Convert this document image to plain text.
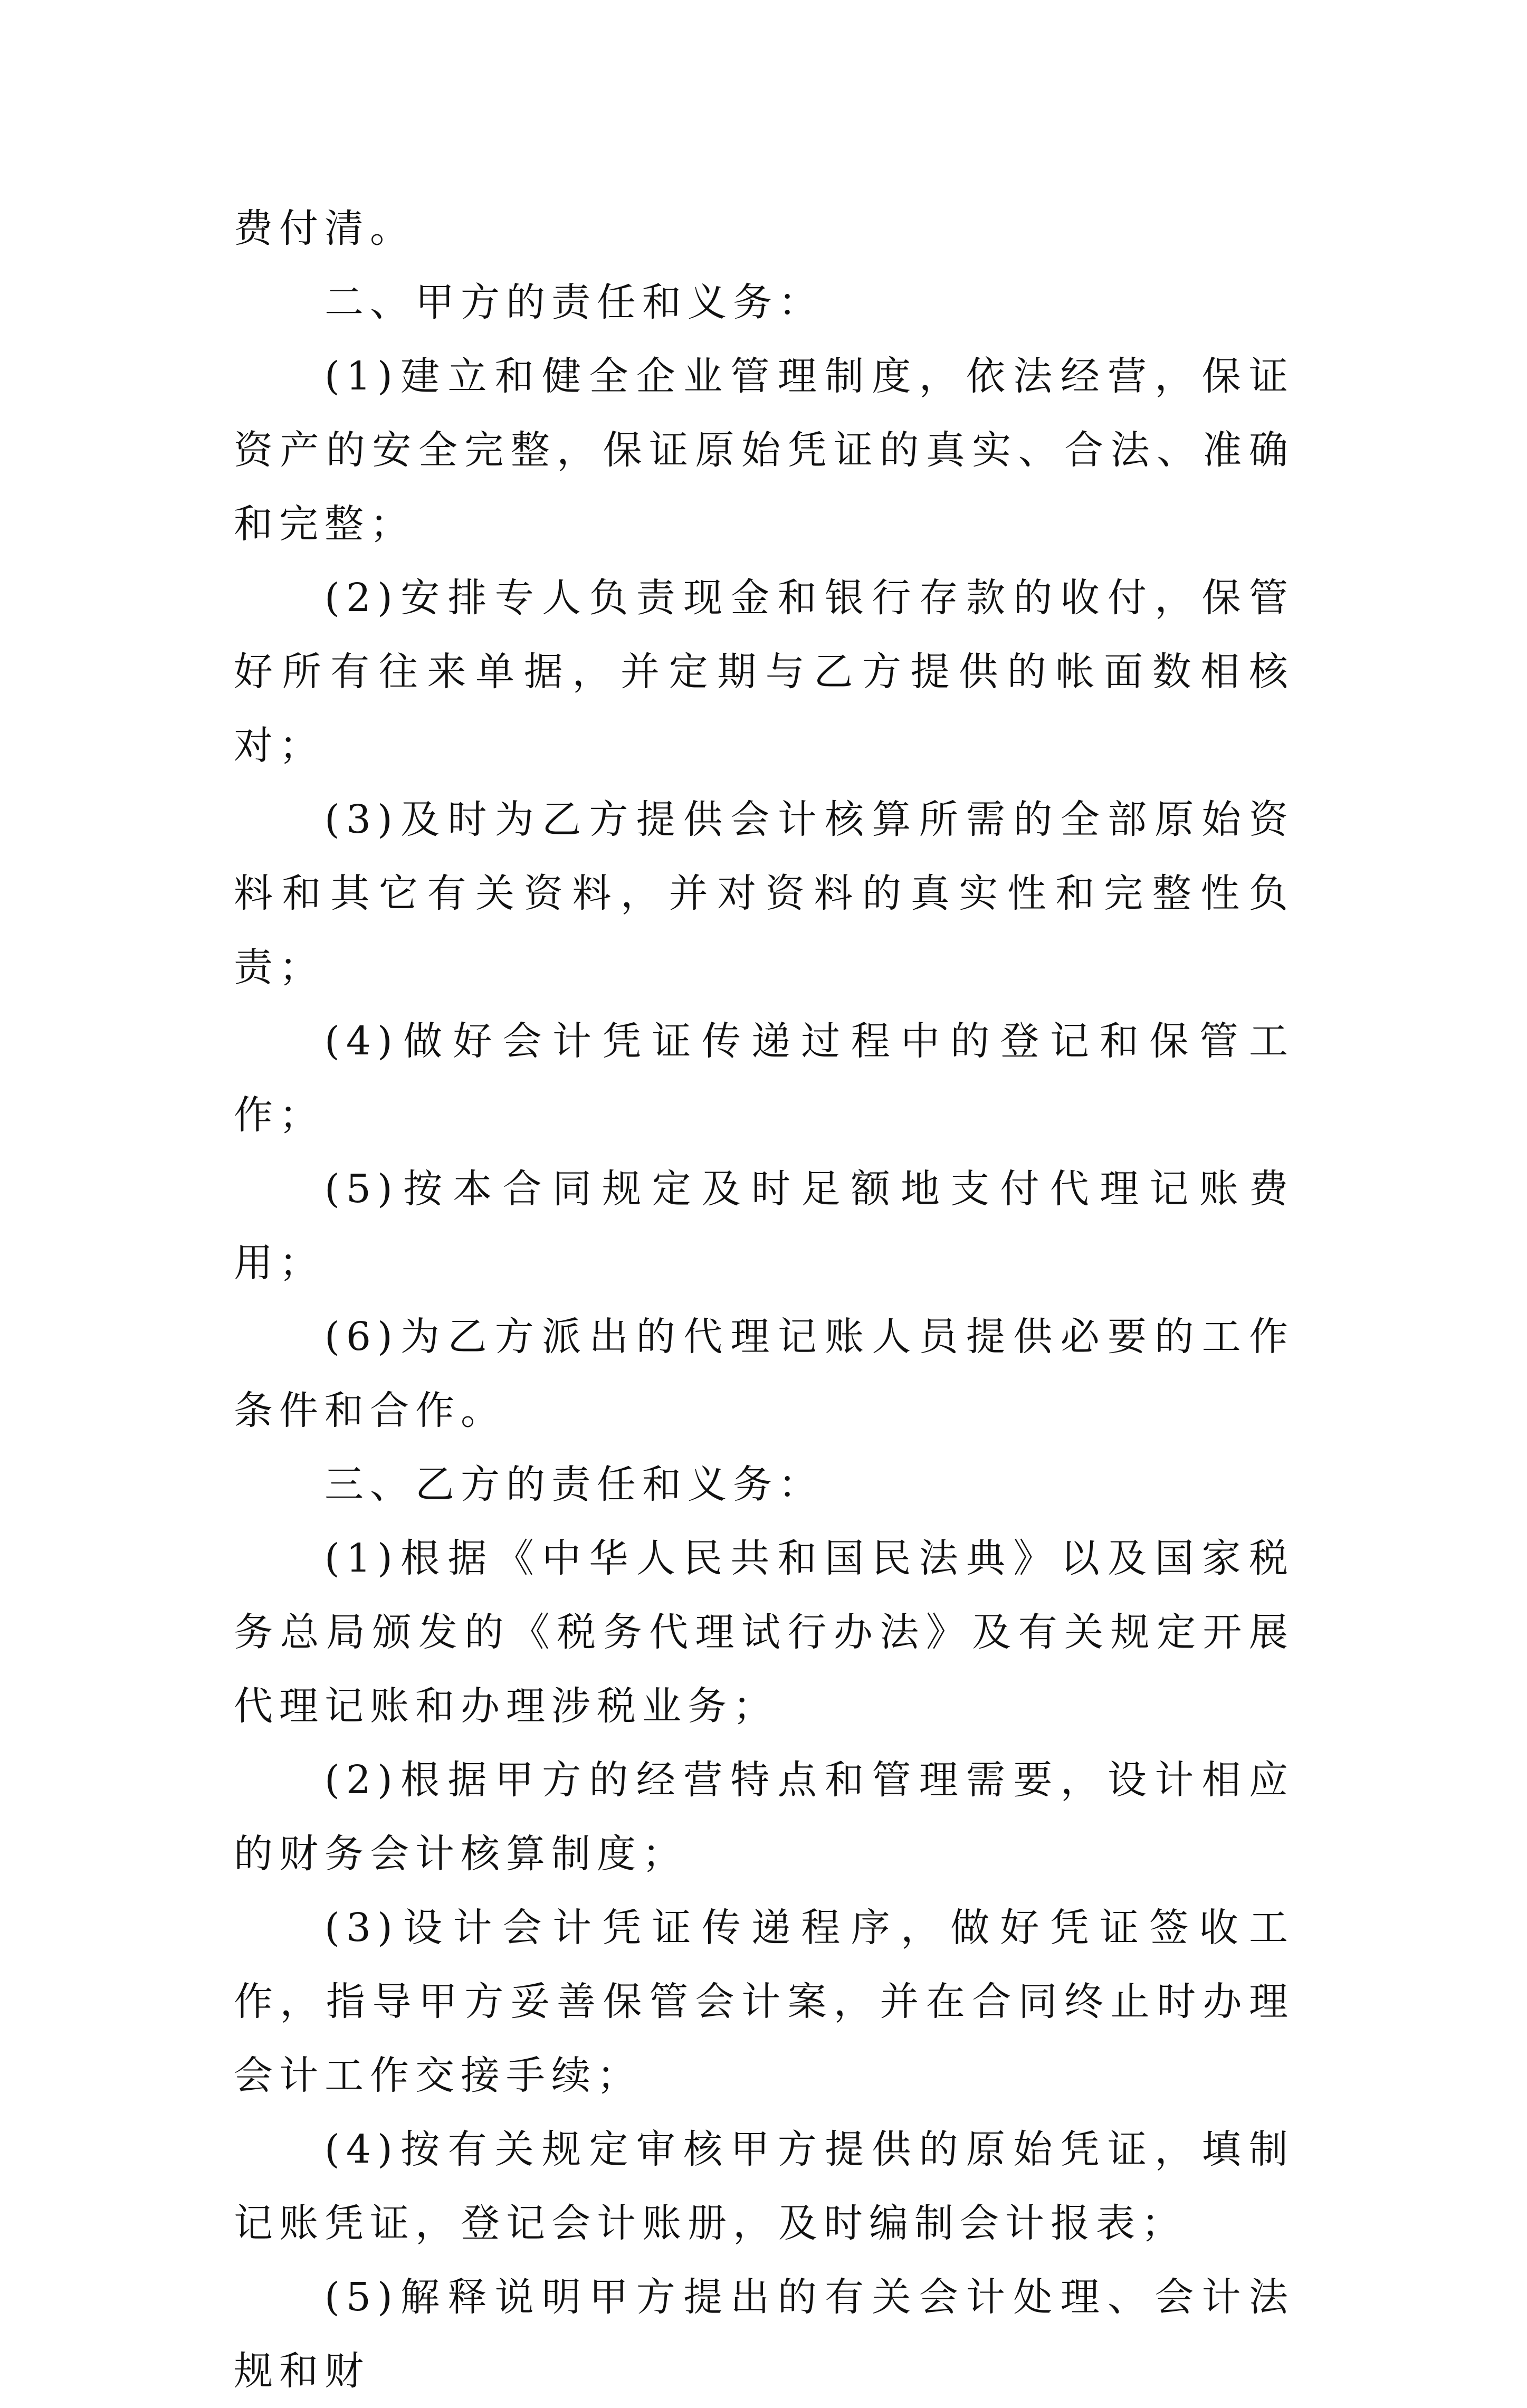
费付清。

二、甲方的责任和义务：

(1)建立和健全企业管理制度，依法经营，保证资产的安全完整，保证原始凭证的真实、合法、准确和完整；

(2)安排专人负责现金和银行存款的收付，保管好所有往来单据，并定期与乙方提供的帐面数相核对；

(3)及时为乙方提供会计核算所需的全部原始资料和其它有关资料，并对资料的真实性和完整性负责；

(4)做好会计凭证传递过程中的登记和保管工作；

(5)按本合同规定及时足额地支付代理记账费用；

(6)为乙方派出的代理记账人员提供必要的工作条件和合作。

三、乙方的责任和义务：

(1)根据《中华人民共和国民法典》以及国家税务总局颁发的《税务代理试行办法》及有关规定开展代理记账和办理涉税业务；

(2)根据甲方的经营特点和管理需要，设计相应的财务会计核算制度；

(3)设计会计凭证传递程序，做好凭证签收工作，指导甲方妥善保管会计案，并在合同终止时办理会计工作交接手续；

(4)按有关规定审核甲方提供的原始凭证，填制记账凭证，登记会计账册，及时编制会计报表；

(5)解释说明甲方提出的有关会计处理、会计法规和财
